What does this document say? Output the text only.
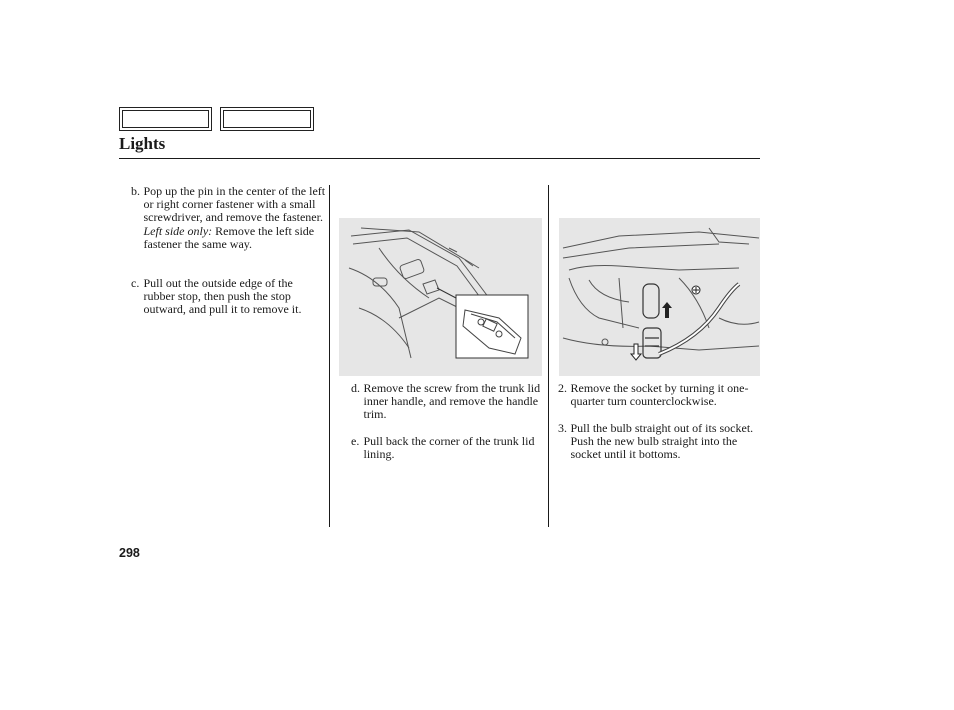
Lights
b. Pop up the pin in the center of the left or right corner fastener with a small screwdriver, and remove the fastener. Left side only: Remove the left side fastener the same way.
c. Pull out the outside edge of the rubber stop, then push the stop outward, and pull it to remove it.
d. Remove the screw from the trunk lid inner handle, and remove the handle trim.
e. Pull back the corner of the trunk lid lining.
2. Remove the socket by turning it one-quarter turn counterclockwise.
3. Pull the bulb straight out of its socket. Push the new bulb straight into the socket until it bottoms.
298
